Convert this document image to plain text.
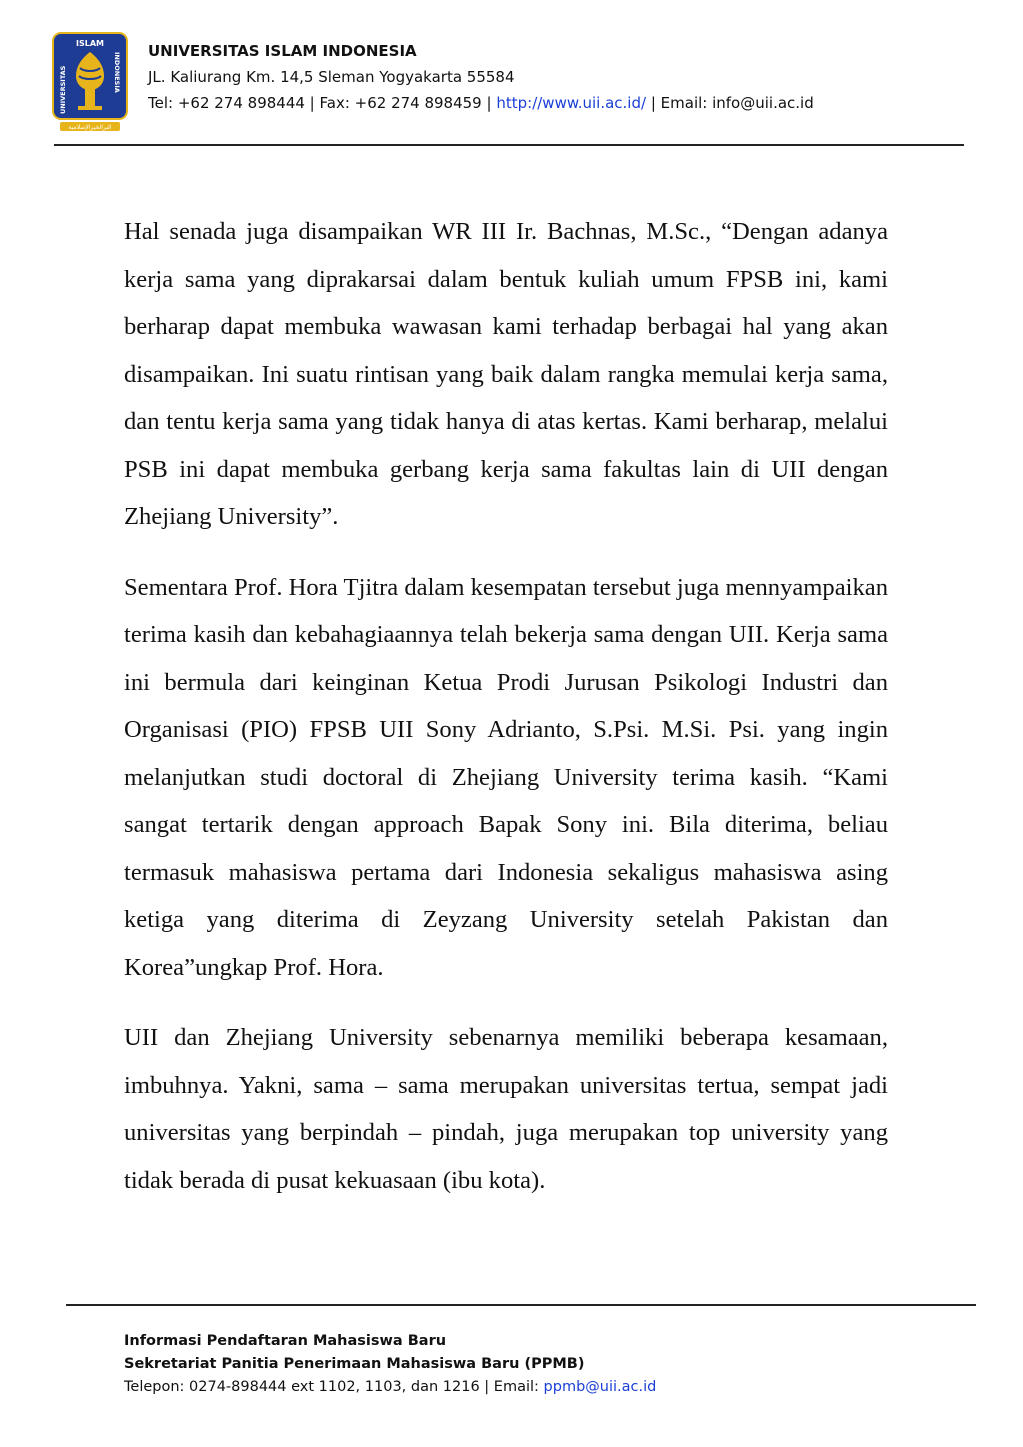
ISLAM
UNIVERSITAS	INDONESIA
البرالخيرالإسلامية
UNIVERSITAS ISLAM INDONESIA
JL. Kaliurang Km. 14,5 Sleman Yogyakarta 55584
Tel: +62 274 898444 | Fax: +62 274 898459 | http://www.uii.ac.id/ | Email: info@uii.ac.id

Hal senada juga disampaikan WR III Ir. Bachnas, M.Sc., “Dengan adanya kerja sama yang diprakarsai dalam bentuk kuliah umum FPSB ini, kami berharap dapat membuka wawasan kami terhadap berbagai hal yang akan disampaikan. Ini suatu rintisan yang baik dalam rangka memulai kerja sama, dan tentu kerja sama yang tidak hanya di atas kertas. Kami berharap, melalui PSB ini dapat membuka gerbang kerja sama fakultas lain di UII dengan Zhejiang University”.

Sementara Prof. Hora Tjitra dalam kesempatan tersebut juga mennyampaikan terima kasih dan kebahagiaannya telah bekerja sama dengan UII. Kerja sama ini bermula dari keinginan Ketua Prodi Jurusan Psikologi Industri dan Organisasi (PIO) FPSB UII Sony Adrianto, S.Psi. M.Si. Psi. yang ingin melanjutkan studi doctoral di Zhejiang University terima kasih. “Kami sangat tertarik dengan approach Bapak Sony ini. Bila diterima, beliau termasuk mahasiswa pertama dari Indonesia sekaligus mahasiswa asing ketiga yang diterima di Zeyzang University setelah Pakistan dan Korea”ungkap Prof. Hora.

UII dan Zhejiang University sebenarnya memiliki beberapa kesamaan, imbuhnya. Yakni, sama – sama merupakan universitas tertua, sempat jadi universitas yang berpindah – pindah, juga merupakan top university yang tidak berada di pusat kekuasaan (ibu kota).

Informasi Pendaftaran Mahasiswa Baru
Sekretariat Panitia Penerimaan Mahasiswa Baru (PPMB)
Telepon: 0274-898444 ext 1102, 1103, dan 1216 | Email: ppmb@uii.ac.id
